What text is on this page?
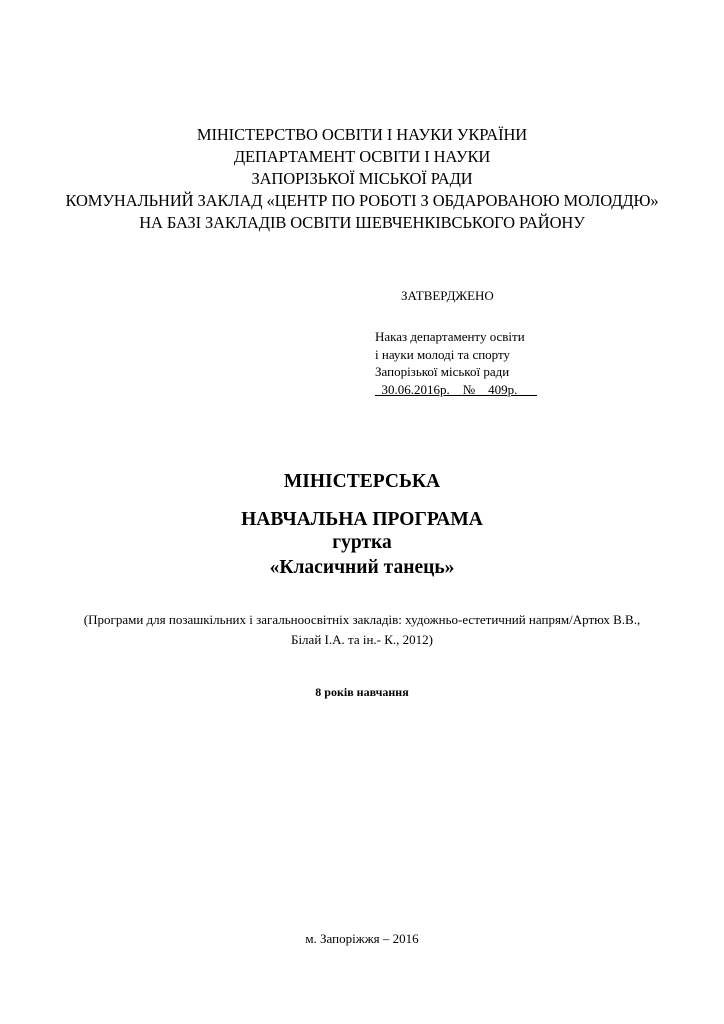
МІНІСТЕРСТВО ОСВІТИ І НАУКИ УКРАЇНИ
ДЕПАРТАМЕНТ ОСВІТИ І НАУКИ
ЗАПОРІЗЬКОЇ МІСЬКОЇ РАДИ
КОМУНАЛЬНИЙ ЗАКЛАД «ЦЕНТР ПО РОБОТІ З ОБДАРОВАНОЮ МОЛОДДЮ»
НА БАЗІ ЗАКЛАДІВ ОСВІТИ ШЕВЧЕНКІВСЬКОГО РАЙОНУ
ЗАТВЕРДЖЕНО
Наказ департаменту освіти
і науки молоді та спорту
Запорізької міської ради
_30.06.2016р.__№__409р.___
МІНІСТЕРСЬКА
НАВЧАЛЬНА ПРОГРАМА
гуртка
«Класичний танець»
(Програми для позашкільних і загальноосвітніх закладів: художньо-естетичний напрям/Артюх В.В.,
Білай І.А. та ін.- К., 2012)
8 років навчання
м. Запоріжжя – 2016
